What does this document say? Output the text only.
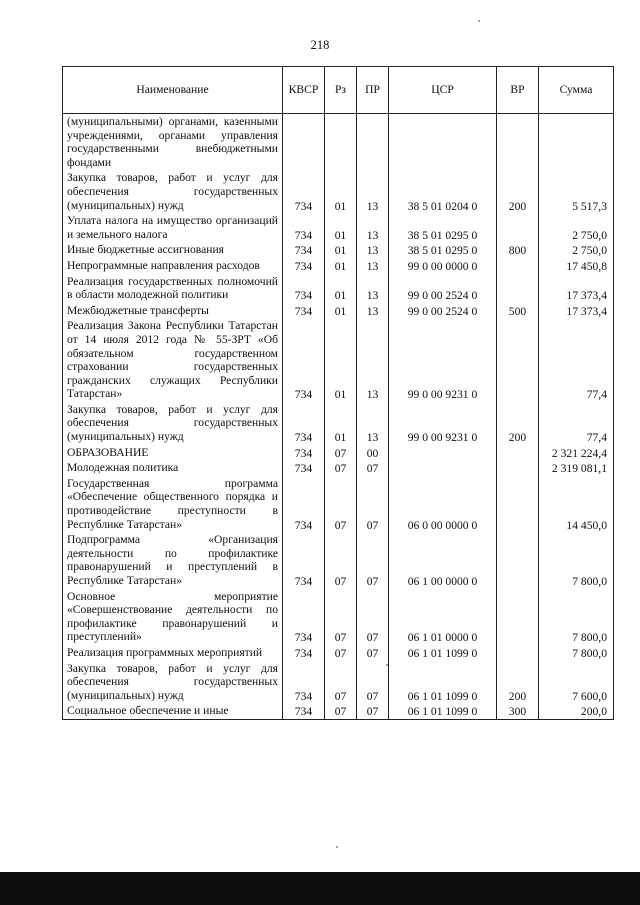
218
Наименование	КВСР	Рз	ПР	ЦСР	ВР	Сумма
(муниципальными) органами, казенными учреждениями, органами управления государственными внебюджетными фондами						
Закупка товаров, работ и услуг для обеспечения государственных (муниципальных) нужд	734	01	13	38 5 01 0204 0	200	5 517,3
Уплата налога на имущество организаций и земельного налога	734	01	13	38 5 01 0295 0		2 750,0
Иные бюджетные ассигнования	734	01	13	38 5 01 0295 0	800	2 750,0
Непрограммные направления расходов	734	01	13	99 0 00 0000 0		17 450,8
Реализация государственных полномочий в области молодежной политики	734	01	13	99 0 00 2524 0		17 373,4
Межбюджетные трансферты	734	01	13	99 0 00 2524 0	500	17 373,4
Реализация Закона Республики Татарстан от 14 июля 2012 года № 55-ЗРТ «Об обязательном государственном страховании государственных гражданских служащих Республики Татарстан»	734	01	13	99 0 00 9231 0		77,4
Закупка товаров, работ и услуг для обеспечения государственных (муниципальных) нужд	734	01	13	99 0 00 9231 0	200	77,4
ОБРАЗОВАНИЕ	734	07	00			2 321 224,4
Молодежная политика	734	07	07			2 319 081,1
Государственная программа «Обеспечение общественного порядка и противодействие преступности в Республике Татарстан»	734	07	07	06 0 00 0000 0		14 450,0
Подпрограмма «Организация деятельности по профилактике правонарушений и преступлений в Республике Татарстан»	734	07	07	06 1 00 0000 0		7 800,0
Основное мероприятие «Совершенствование деятельности по профилактике правонарушений и преступлений»	734	07	07	06 1 01 0000 0		7 800,0
Реализация программных мероприятий	734	07	07	06 1 01 1099 0		7 800,0
Закупка товаров, работ и услуг для обеспечения государственных (муниципальных) нужд	734	07	07	06 1 01 1099 0	200	7 600,0
Социальное обеспечение и иные	734	07	07	06 1 01 1099 0	300	200,0
